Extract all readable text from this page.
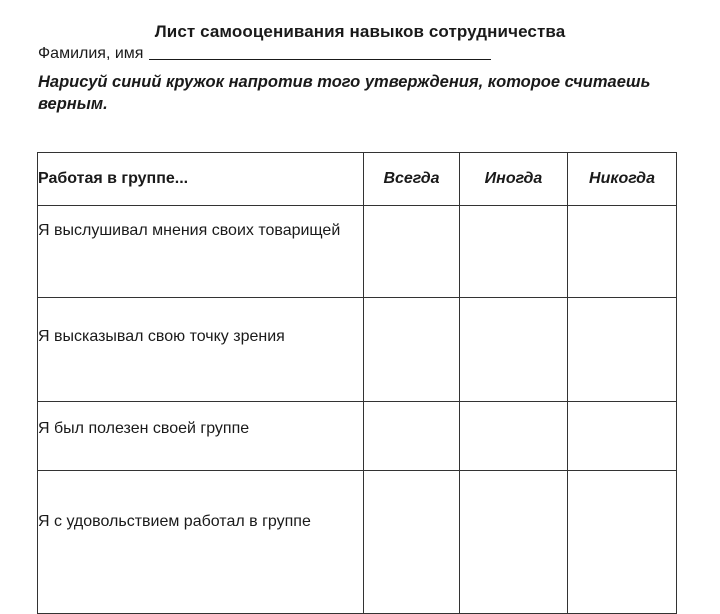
Лист самооценивания навыков сотрудничества
Фамилия, имя
Нарисуй синий кружок напротив того утверждения, которое считаешь верным.
Работая в группе...	Всегда	Иногда	Никогда
Я выслушивал мнения своих товарищей			
Я высказывал свою точку зрения			
Я был полезен своей группе			
Я с удовольствием работал в группе			
